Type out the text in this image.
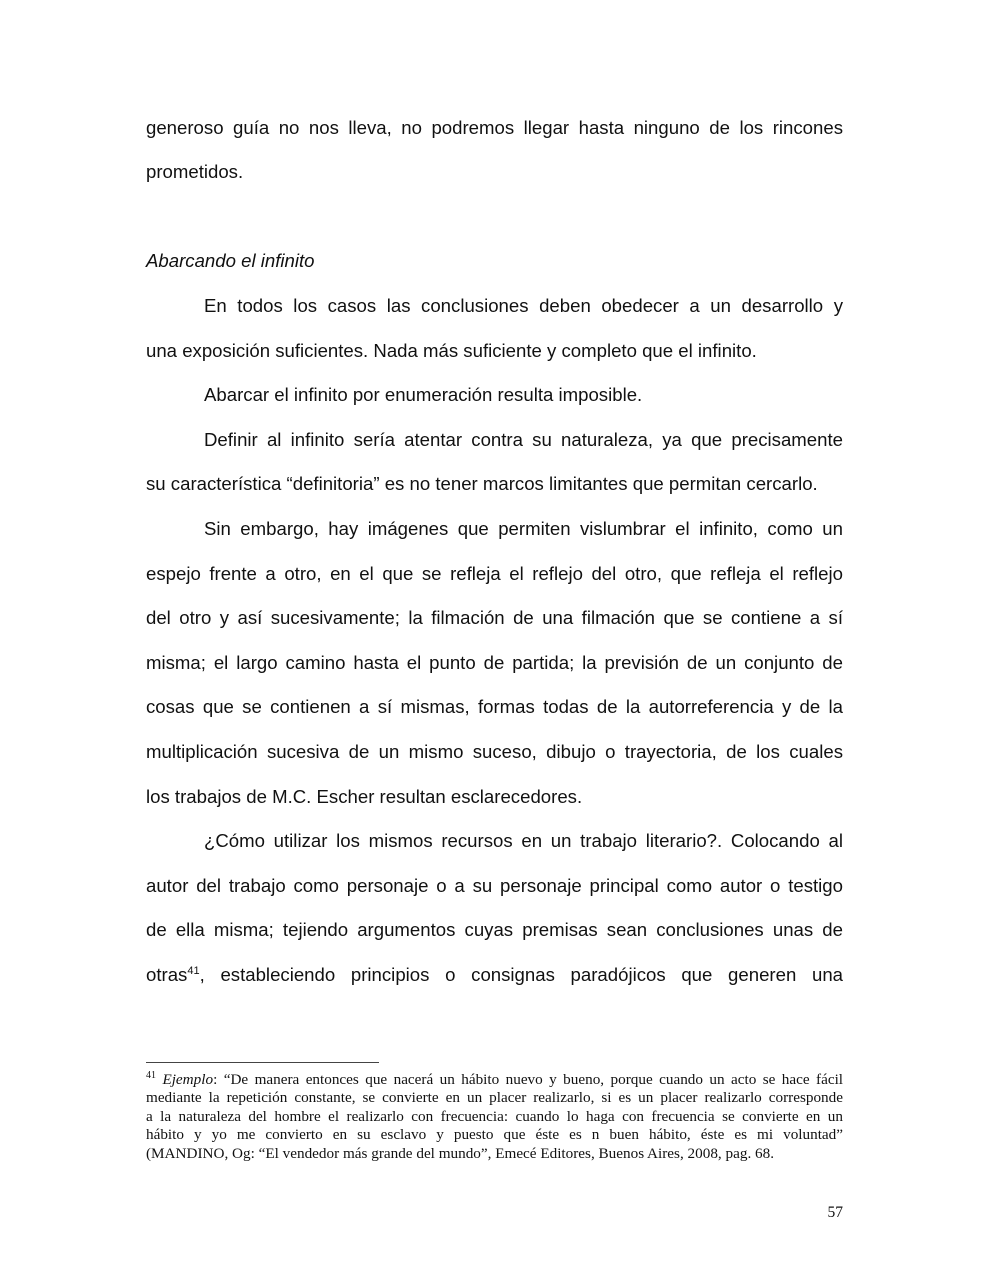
generoso guía no nos lleva, no podremos llegar hasta ninguno de los rincones
prometidos.
Abarcando el infinito
En todos los casos las conclusiones deben obedecer a un desarrollo y
una exposición suficientes. Nada más suficiente y completo que el infinito.
Abarcar el infinito por enumeración resulta imposible.
Definir al infinito sería atentar contra su naturaleza, ya que precisamente
su característica “definitoria” es no tener marcos limitantes que permitan cercarlo.
Sin embargo, hay imágenes que permiten vislumbrar el infinito, como un
espejo frente a otro, en el que se refleja el reflejo del otro, que refleja el reflejo
del otro y así sucesivamente; la filmación de una filmación que se contiene a sí
misma; el largo camino hasta el punto de partida; la previsión de un conjunto de
cosas que se contienen a sí mismas, formas todas de la autorreferencia y de la
multiplicación sucesiva de un mismo suceso, dibujo o trayectoria, de los cuales
los trabajos de M.C. Escher resultan esclarecedores.
¿Cómo utilizar los mismos recursos en un trabajo literario?. Colocando al
autor del trabajo como personaje o a su personaje principal como autor o testigo
de ella misma; tejiendo argumentos cuyas premisas sean conclusiones unas de
otras$^{41}$, estableciendo principios o consignas paradójicos que generen una
$^{41}$ Ejemplo: “De manera entonces que nacerá un hábito nuevo y bueno, porque cuando un acto se hace fácil
mediante la repetición constante, se convierte en un placer realizarlo, si es un placer realizarlo corresponde
a la naturaleza del hombre el realizarlo con frecuencia: cuando lo haga con frecuencia se convierte en un
hábito y yo me convierto en su esclavo y puesto que éste es n buen hábito, éste es mi voluntad”
(MANDINO, Og: “El vendedor más grande del mundo”, Emecé Editores, Buenos Aires, 2008, pag. 68.
57
